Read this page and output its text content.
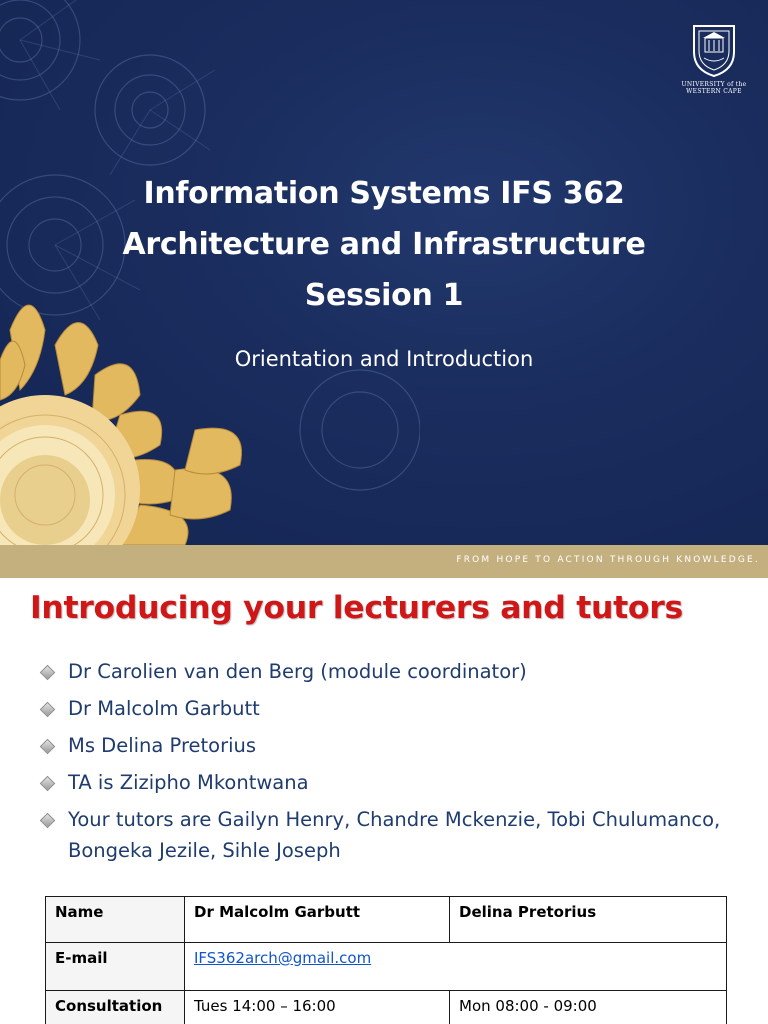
UNIVERSITY of the
WESTERN CAPE
Information Systems IFS 362
Architecture and Infrastructure
Session 1
Orientation and Introduction
FROM HOPE TO ACTION THROUGH KNOWLEDGE.
Introducing your lecturers and tutors
Dr Carolien van den Berg (module coordinator)
Dr Malcolm Garbutt
Ms Delina Pretorius
TA is Zizipho Mkontwana
Your tutors are Gailyn Henry, Chandre Mckenzie, Tobi Chulumanco, Bongeka Jezile, Sihle Joseph
Name	Dr Malcolm Garbutt	Delina Pretorius
E-mail	IFS362arch@gmail.com	
Consultation	Tues 14:00 – 16:00	Mon 08:00 - 09:00
